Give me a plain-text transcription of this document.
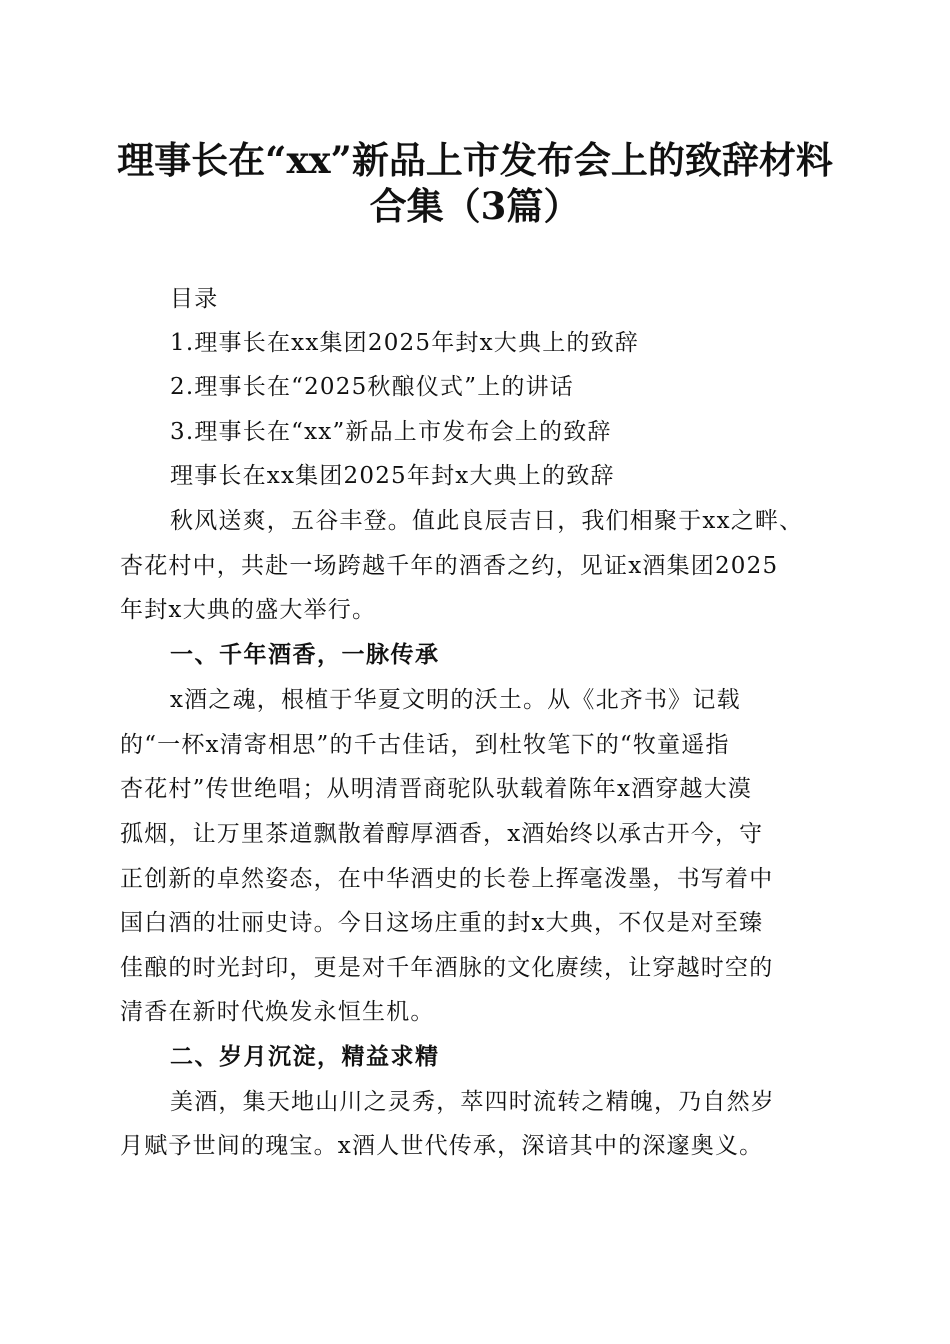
理事长在“xx”新品上市发布会上的致辞材料
合集（3篇）
目录
1.理事长在xx集团2025年封x大典上的致辞
2.理事长在“2025秋酿仪式”上的讲话
3.理事长在“xx”新品上市发布会上的致辞
理事长在xx集团2025年封x大典上的致辞
秋风送爽，五谷丰登。值此良辰吉日，我们相聚于xx之畔、
杏花村中，共赴一场跨越千年的酒香之约，见证x酒集团2025
年封x大典的盛大举行。
一、千年酒香，一脉传承
x酒之魂，根植于华夏文明的沃土。从《北齐书》记载
的“一杯x清寄相思”的千古佳话，到杜牧笔下的“牧童遥指
杏花村”传世绝唱；从明清晋商驼队驮载着陈年x酒穿越大漠
孤烟，让万里茶道飘散着醇厚酒香，x酒始终以承古开今，守
正创新的卓然姿态，在中华酒史的长卷上挥毫泼墨，书写着中
国白酒的壮丽史诗。今日这场庄重的封x大典，不仅是对至臻
佳酿的时光封印，更是对千年酒脉的文化赓续，让穿越时空的
清香在新时代焕发永恒生机。
二、岁月沉淀，精益求精
美酒，集天地山川之灵秀，萃四时流转之精魄，乃自然岁
月赋予世间的瑰宝。x酒人世代传承，深谙其中的深邃奥义。
